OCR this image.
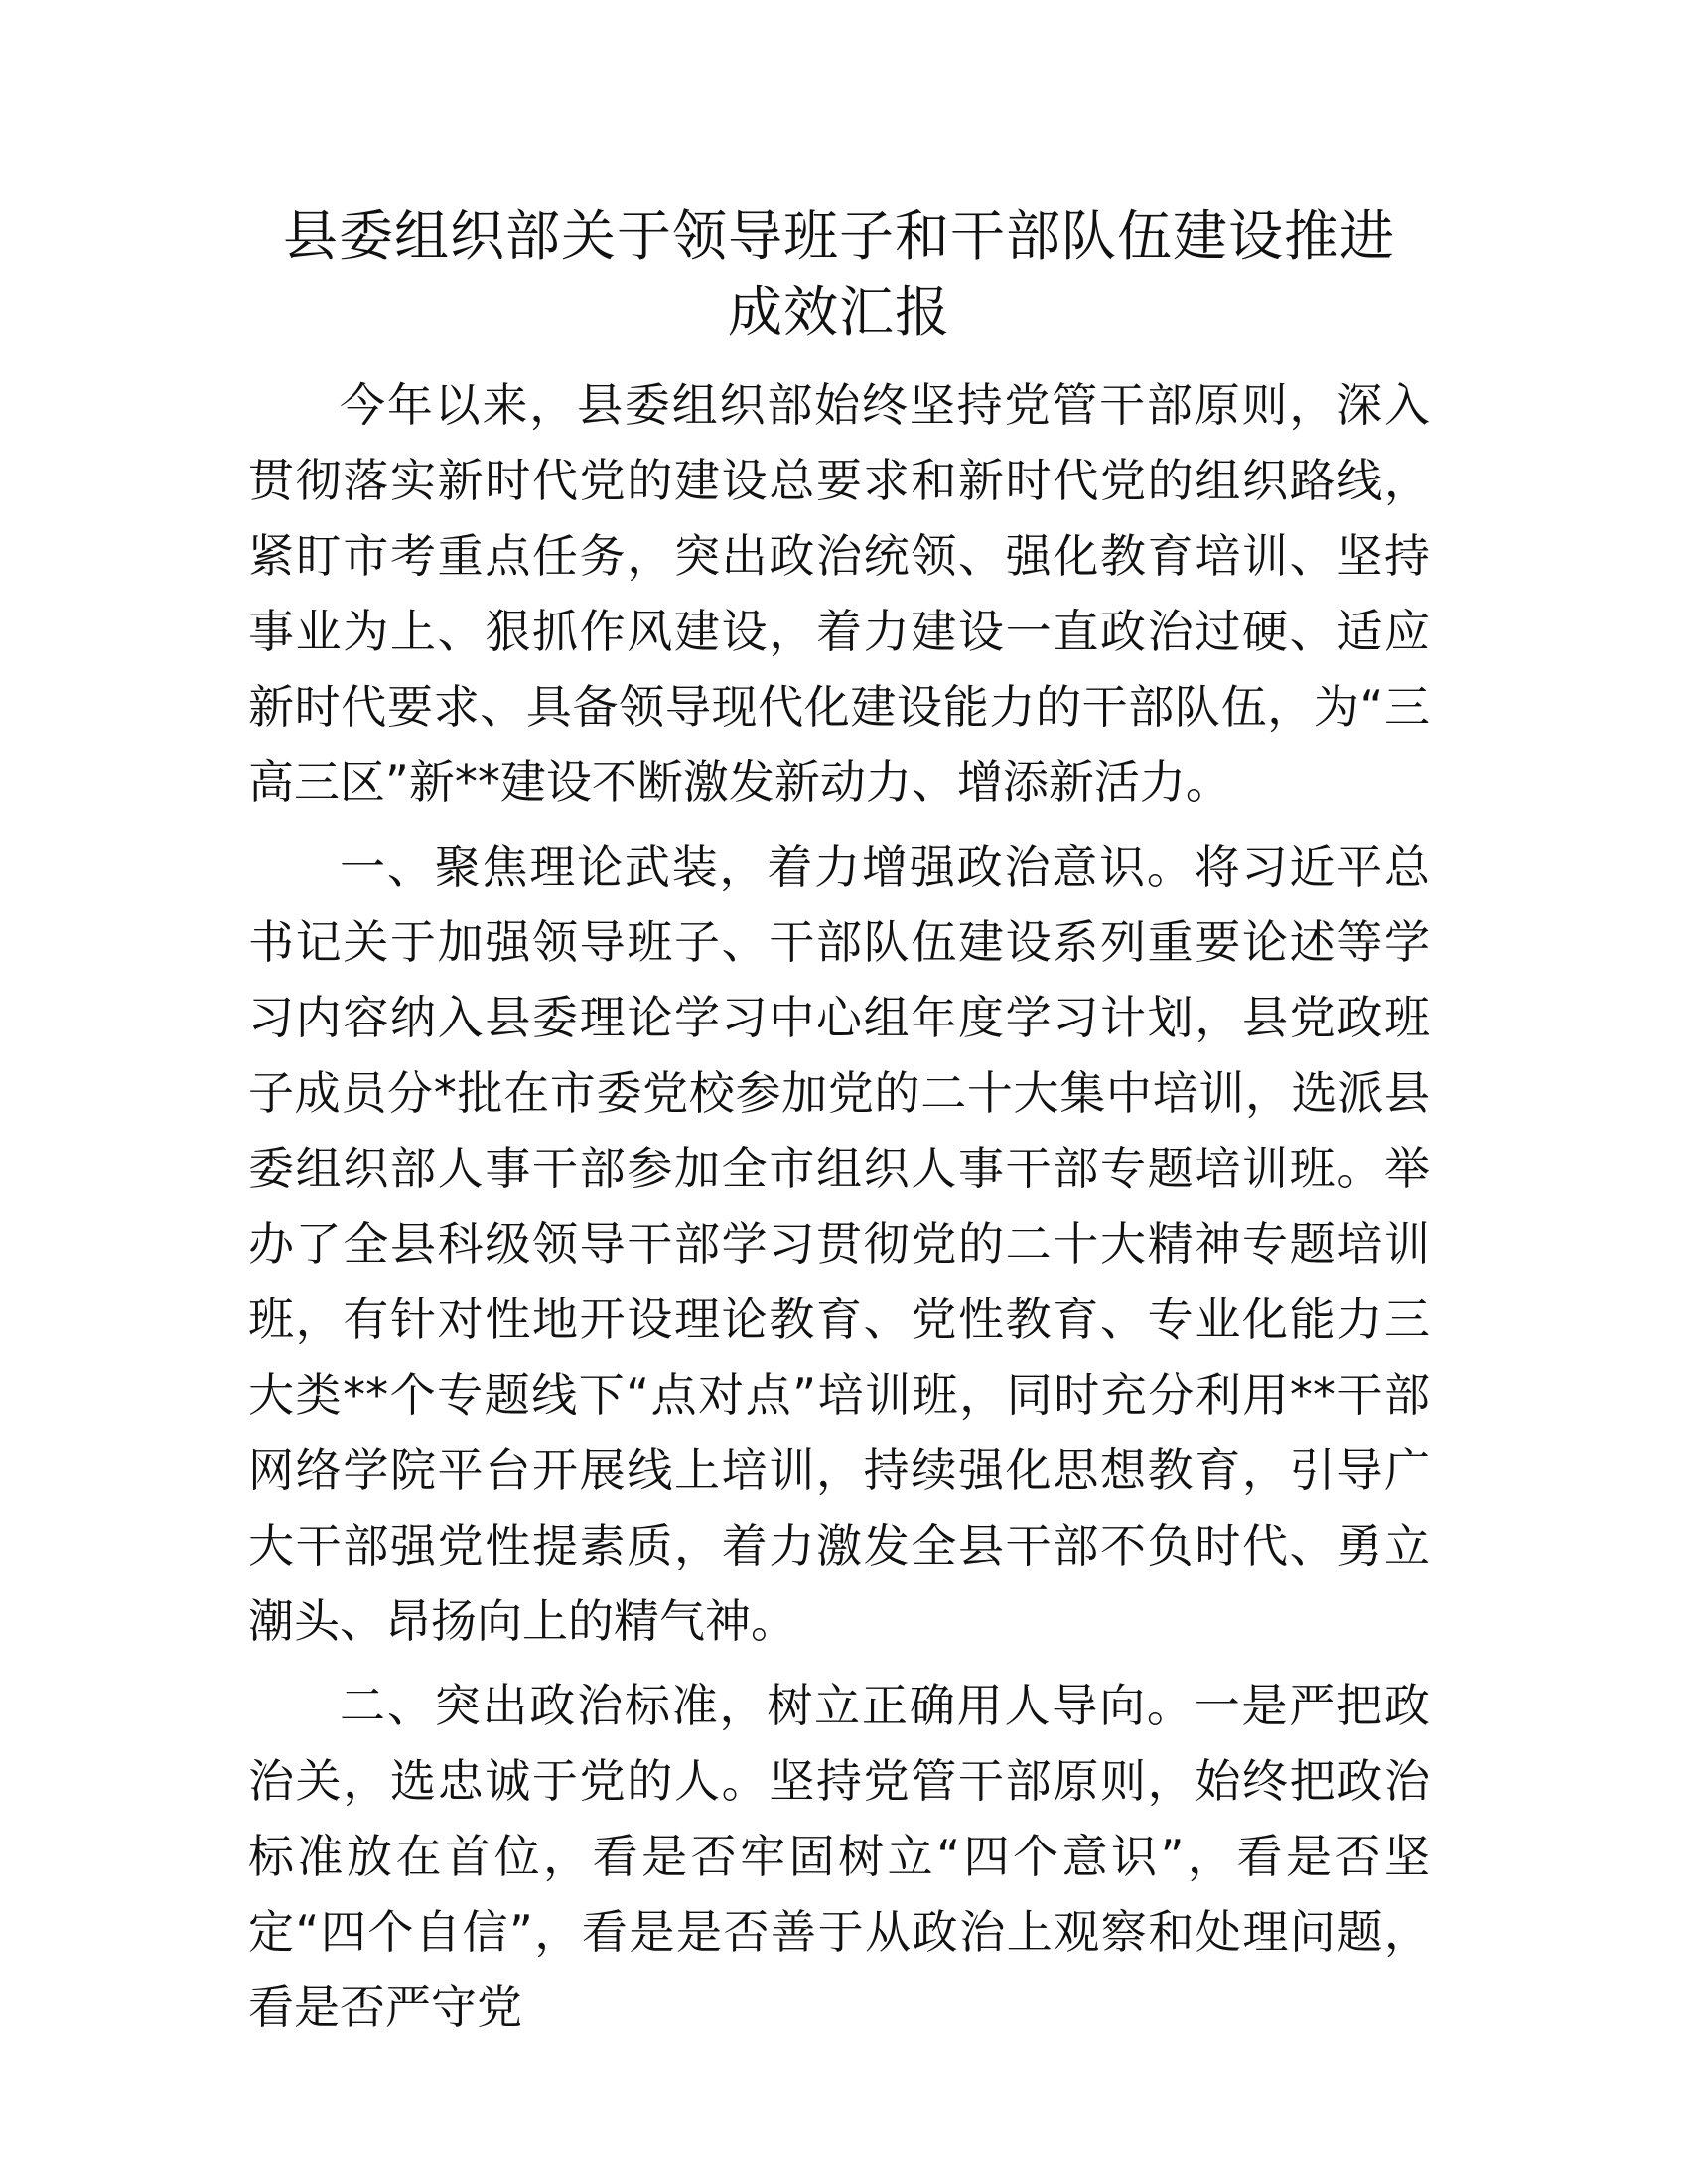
县委组织部关于领导班子和干部队伍建设推进
成效汇报

今年以来，县委组织部始终坚持党管干部原则，深入贯彻落实新时代党的建设总要求和新时代党的组织路线，紧盯市考重点任务，突出政治统领、强化教育培训、坚持事业为上、狠抓作风建设，着力建设一直政治过硬、适应新时代要求、具备领导现代化建设能力的干部队伍，为“三高三区”新**建设不断激发新动力、增添新活力。

一、聚焦理论武装，着力增强政治意识。将习近平总书记关于加强领导班子、干部队伍建设系列重要论述等学习内容纳入县委理论学习中心组年度学习计划，县党政班子成员分*批在市委党校参加党的二十大集中培训，选派县委组织部人事干部参加全市组织人事干部专题培训班。举办了全县科级领导干部学习贯彻党的二十大精神专题培训班，有针对性地开设理论教育、党性教育、专业化能力三大类**个专题线下“点对点”培训班，同时充分利用**干部网络学院平台开展线上培训，持续强化思想教育，引导广大干部强党性提素质，着力激发全县干部不负时代、勇立潮头、昂扬向上的精气神。

二、突出政治标准，树立正确用人导向。一是严把政治关，选忠诚于党的人。坚持党管干部原则，始终把政治标准放在首位，看是否牢固树立“四个意识”，看是否坚定“四个自信”，看是是否善于从政治上观察和处理问题，看是否严守党
